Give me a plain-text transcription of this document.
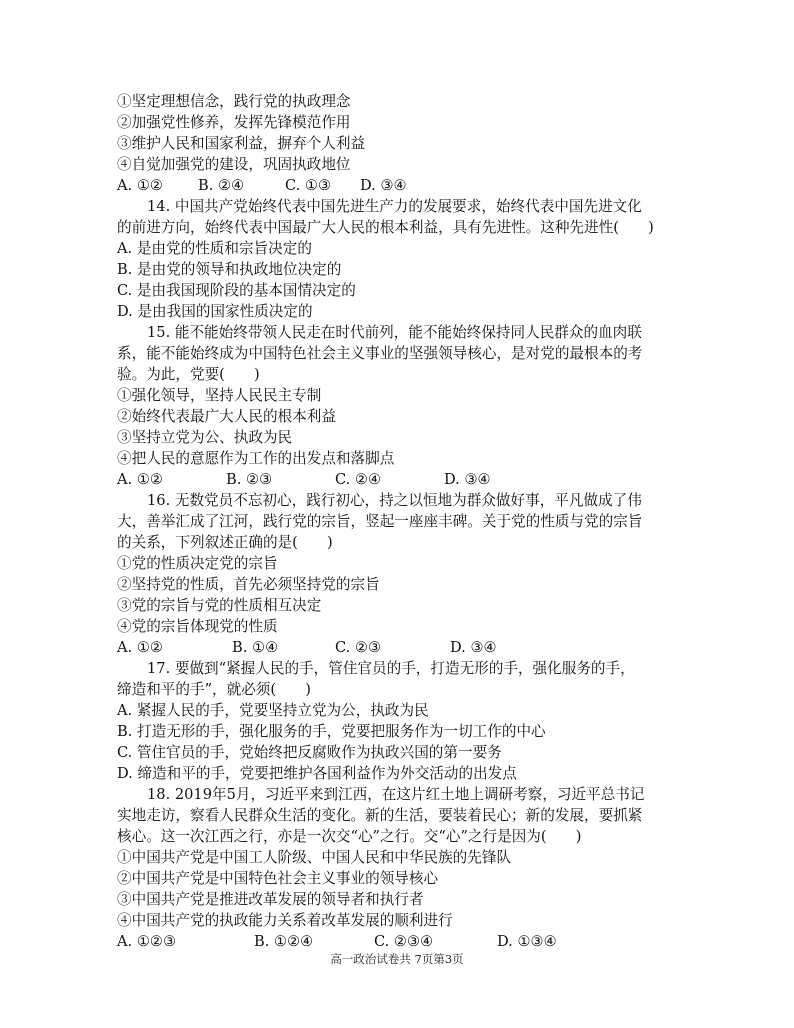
①坚定理想信念，践行党的执政理念
②加强党性修养，发挥先锋模范作用
③维护人民和国家利益，摒弃个人利益
④自觉加强党的建设，巩固执政地位
A. ①② B. ②④	C. ①③ D. ③④
14. 中国共产党始终代表中国先进生产力的发展要求，始终代表中国先进文化
的前进方向，始终代表中国最广大人民的根本利益，具有先进性。这种先进性(　　)
A. 是由党的性质和宗旨决定的
B. 是由党的领导和执政地位决定的
C. 是由我国现阶段的基本国情决定的
D. 是由我国的国家性质决定的
15. 能不能始终带领人民走在时代前列，能不能始终保持同人民群众的血肉联
系，能不能始终成为中国特色社会主义事业的坚强领导核心，是对党的最根本的考
验。为此，党要(　　)
①强化领导，坚持人民民主专制
②始终代表最广大人民的根本利益
③坚持立党为公、执政为民
④把人民的意愿作为工作的出发点和落脚点
A. ①②	B. ②③	C. ②④	D. ③④
16. 无数党员不忘初心，践行初心，持之以恒地为群众做好事，平凡做成了伟
大，善举汇成了江河，践行党的宗旨，竖起一座座丰碑。关于党的性质与党的宗旨
的关系，下列叙述正确的是(　　)
①党的性质决定党的宗旨
②坚持党的性质，首先必须坚持党的宗旨
③党的宗旨与党的性质相互决定
④党的宗旨体现党的性质
A. ①②	B. ①④	C. ②③	D. ③④
17. 要做到“紧握人民的手，管住官员的手，打造无形的手，强化服务的手，
缔造和平的手”，就必须(　　)
A. 紧握人民的手，党要坚持立党为公，执政为民
B. 打造无形的手，强化服务的手，党要把服务作为一切工作的中心
C. 管住官员的手，党始终把反腐败作为执政兴国的第一要务
D. 缔造和平的手，党要把维护各国利益作为外交活动的出发点
18. 2019年5月，习近平来到江西，在这片红土地上调研考察，习近平总书记
实地走访，察看人民群众生活的变化。新的生活，要装着民心；新的发展，要抓紧
核心。这一次江西之行，亦是一次交“心”之行。交“心”之行是因为(　　)
①中国共产党是中国工人阶级、中国人民和中华民族的先锋队
②中国共产党是中国特色社会主义事业的领导核心
③中国共产党是推进改革发展的领导者和执行者
④中国共产党的执政能力关系着改革发展的顺利进行
A. ①②③	B. ①②④	C. ②③④	D. ①③④
高一政治试卷共 7页第3页
